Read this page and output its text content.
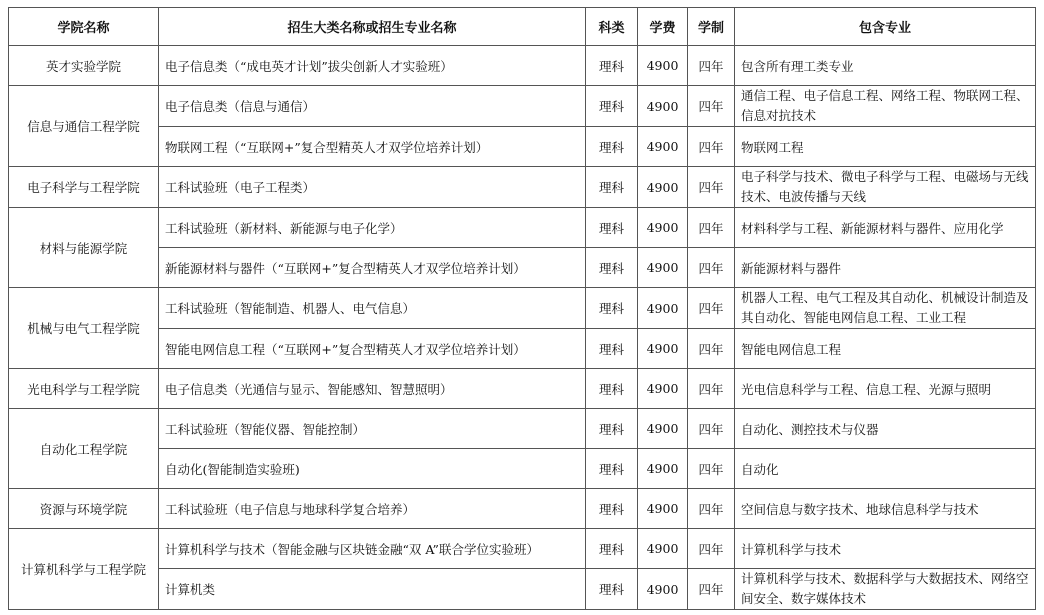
学院名称	招生大类名称或招生专业名称	科类	学费	学制	包含专业
英才实验学院	电子信息类（“成电英才计划”拔尖创新人才实验班）	理科	4900	四年	包含所有理工类专业
信息与通信工程学院	电子信息类（信息与通信）	理科	4900	四年	通信工程、电子信息工程、网络工程、物联网工程、信息对抗技术
	物联网工程（“互联网+”复合型精英人才双学位培养计划）	理科	4900	四年	物联网工程
电子科学与工程学院	工科试验班（电子工程类）	理科	4900	四年	电子科学与技术、微电子科学与工程、电磁场与无线技术、电波传播与天线
材料与能源学院	工科试验班（新材料、新能源与电子化学）	理科	4900	四年	材料科学与工程、新能源材料与器件、应用化学
	新能源材料与器件（“互联网+”复合型精英人才双学位培养计划）	理科	4900	四年	新能源材料与器件
机械与电气工程学院	工科试验班（智能制造、机器人、电气信息）	理科	4900	四年	机器人工程、电气工程及其自动化、机械设计制造及其自动化、智能电网信息工程、工业工程
	智能电网信息工程（“互联网+”复合型精英人才双学位培养计划）	理科	4900	四年	智能电网信息工程
光电科学与工程学院	电子信息类（光通信与显示、智能感知、智慧照明）	理科	4900	四年	光电信息科学与工程、信息工程、光源与照明
自动化工程学院	工科试验班（智能仪器、智能控制）	理科	4900	四年	自动化、测控技术与仪器
	自动化(智能制造实验班)	理科	4900	四年	自动化
资源与环境学院	工科试验班（电子信息与地球科学复合培养）	理科	4900	四年	空间信息与数字技术、地球信息科学与技术
计算机科学与工程学院	计算机科学与技术（智能金融与区块链金融“双 A”联合学位实验班）	理科	4900	四年	计算机科学与技术
	计算机类	理科	4900	四年	计算机科学与技术、数据科学与大数据技术、网络空间安全、数字媒体技术
